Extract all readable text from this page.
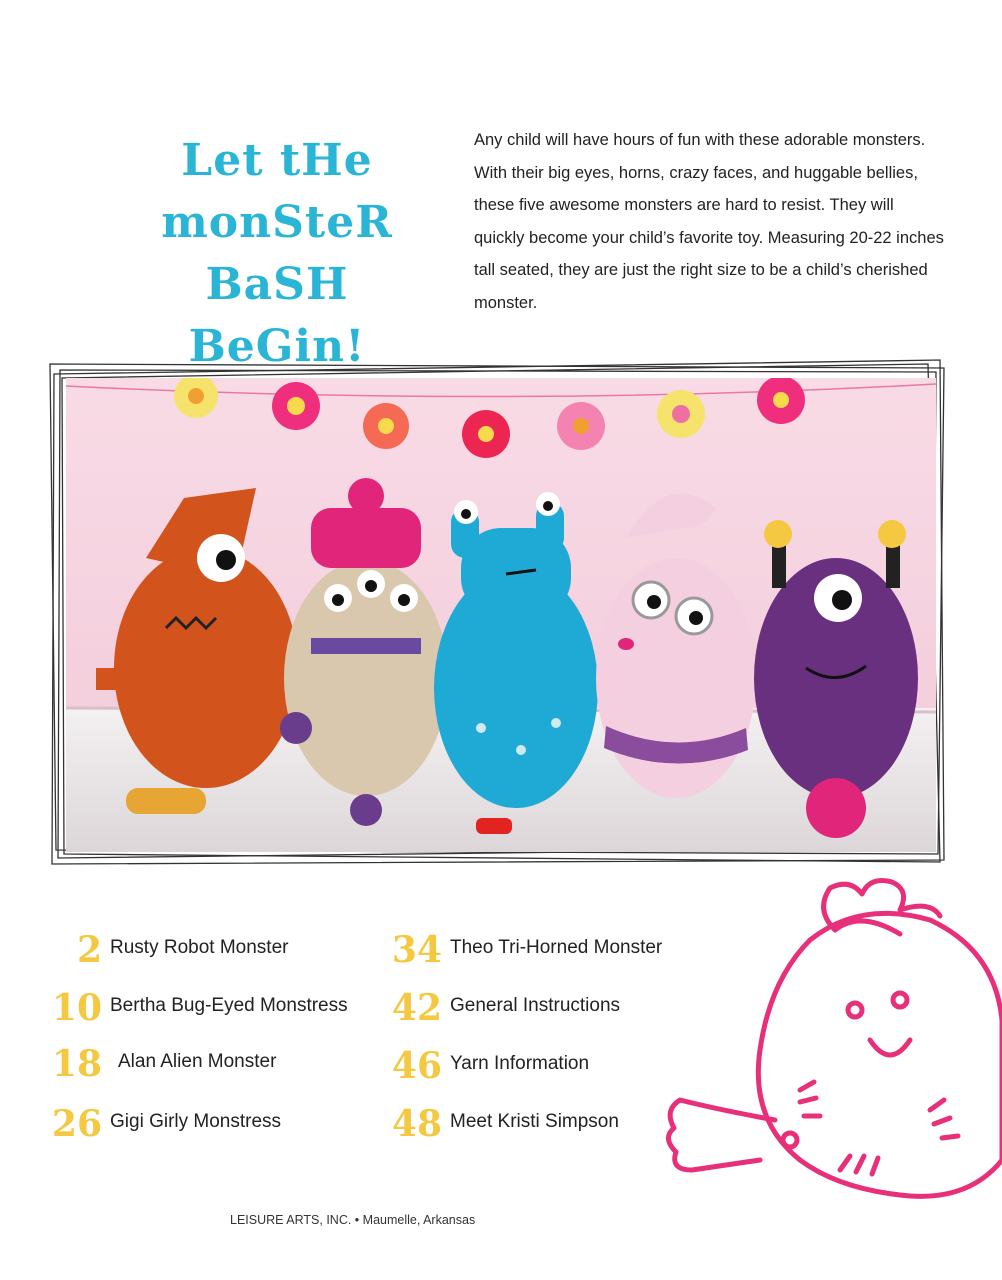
Let tHe
monSteR
BaSH BeGin!
Any child will have hours of fun with these adorable monsters. With their big eyes, horns, crazy faces, and huggable bellies, these five awesome monsters are hard to resist. They will quickly become your child’s favorite toy. Measuring 20-22 inches tall seated, they are just the right size to be a child’s cherished monster.
2 Rusty Robot Monster
10 Bertha Bug-Eyed Monstress
18 Alan Alien Monster
26 Gigi Girly Monstress
34 Theo Tri-Horned Monster
42 General Instructions
46 Yarn Information
48 Meet Kristi Simpson
LEISURE ARTS, INC. • Maumelle, Arkansas
